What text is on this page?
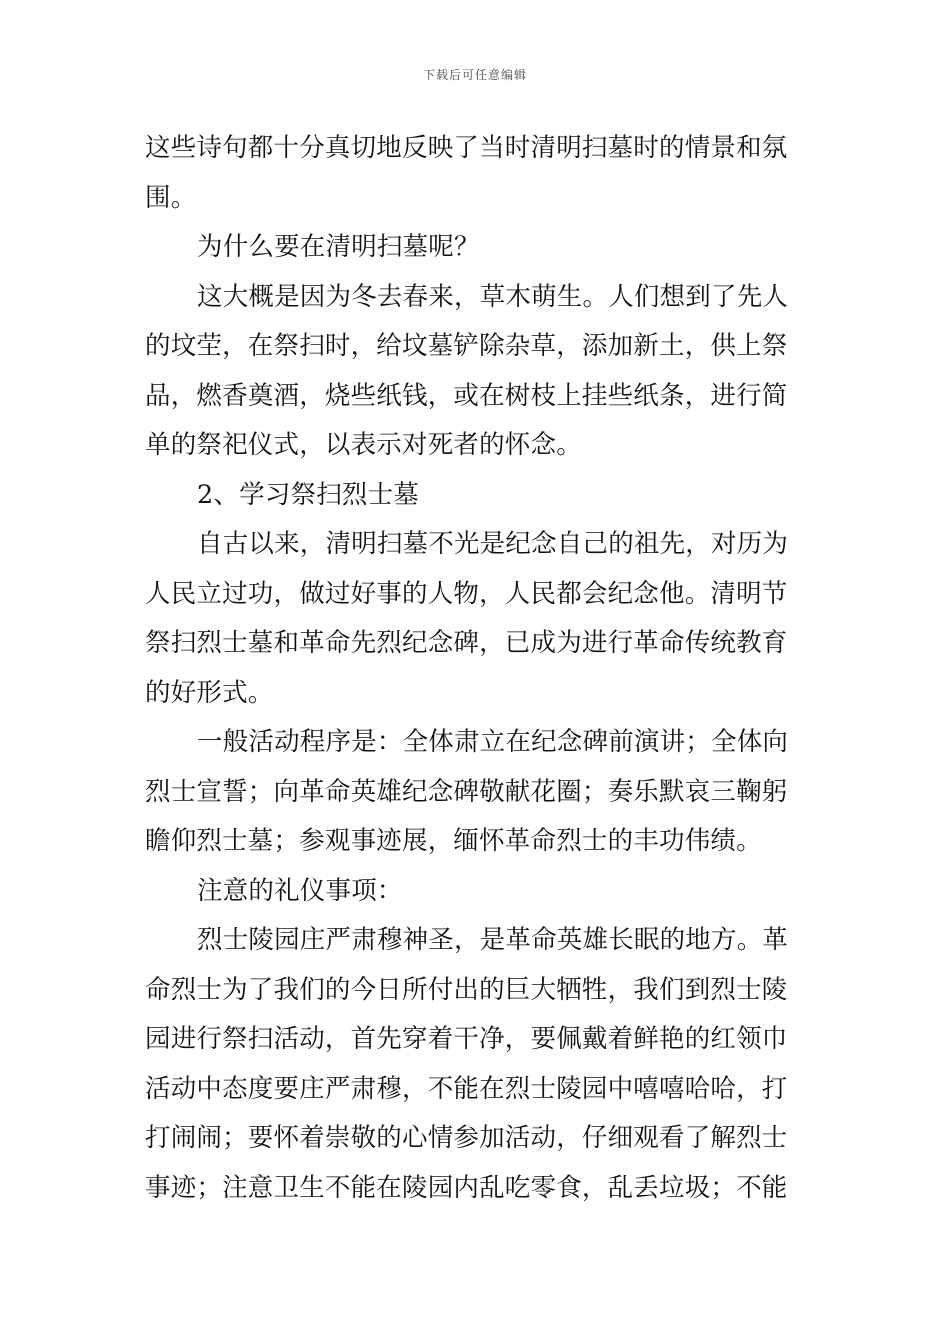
下载后可任意编辑

这些诗句都十分真切地反映了当时清明扫墓时的情景和氛
围。

为什么要在清明扫墓呢？

这大概是因为冬去春来，草木萌生。人们想到了先人
的坟茔，在祭扫时，给坟墓铲除杂草，添加新土，供上祭
品，燃香奠酒，烧些纸钱，或在树枝上挂些纸条，进行简
单的祭祀仪式，以表示对死者的怀念。

2、学习祭扫烈士墓

自古以来，清明扫墓不光是纪念自己的祖先，对历为
人民立过功，做过好事的人物，人民都会纪念他。清明节
祭扫烈士墓和革命先烈纪念碑，已成为进行革命传统教育
的好形式。

一般活动程序是：全体肃立在纪念碑前演讲；全体向
烈士宣誓；向革命英雄纪念碑敬献花圈；奏乐默哀三鞠躬
瞻仰烈士墓；参观事迹展，缅怀革命烈士的丰功伟绩。

注意的礼仪事项：

烈士陵园庄严肃穆神圣，是革命英雄长眠的地方。革
命烈士为了我们的今日所付出的巨大牺牲，我们到烈士陵
园进行祭扫活动，首先穿着干净，要佩戴着鲜艳的红领巾
活动中态度要庄严肃穆，不能在烈士陵园中嘻嘻哈哈，打
打闹闹；要怀着崇敬的心情参加活动，仔细观看了解烈士
事迹；注意卫生不能在陵园内乱吃零食，乱丢垃圾；不能
